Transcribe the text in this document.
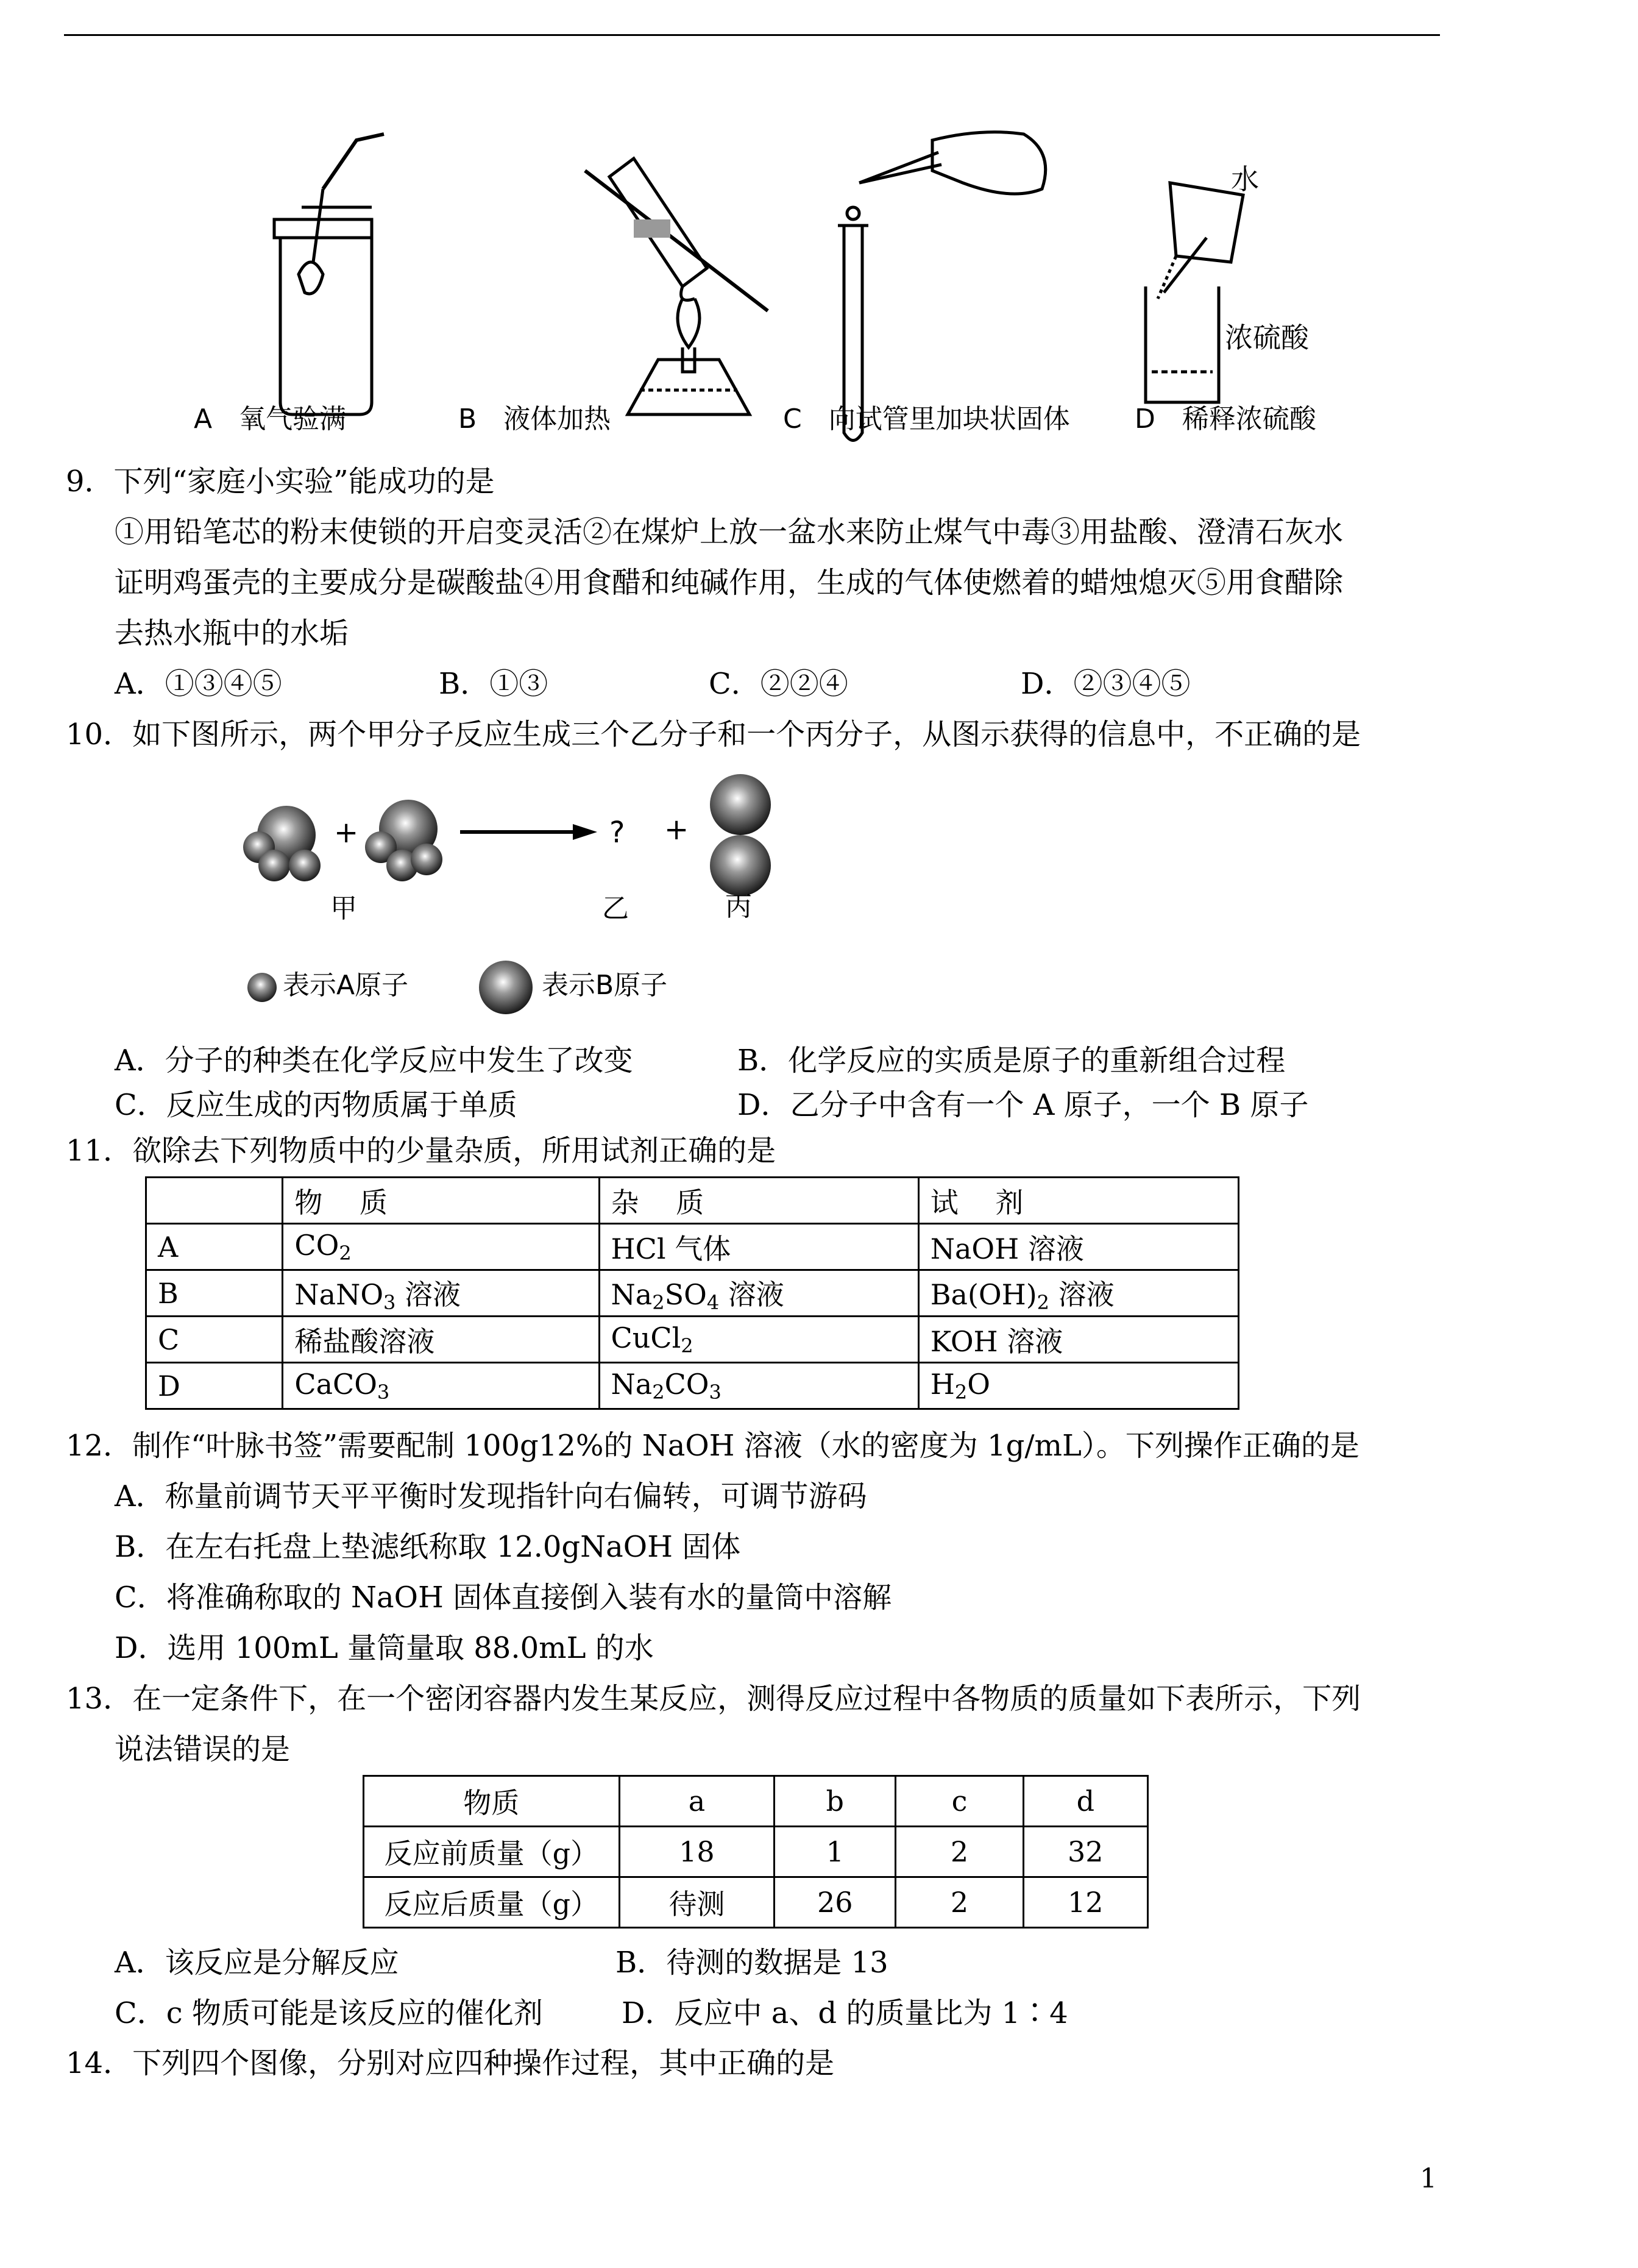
水
浓硫酸
A　 氧气验满	B　 液体加热	C　 向试管里加块状固体 D　 稀释浓硫酸
9．下列“家庭小实验”能成功的是
①用铅笔芯的粉末使锁的开启变灵活②在煤炉上放一盆水来防止煤气中毒③用盐酸、澄清石灰水
证明鸡蛋壳的主要成分是碳酸盐④用食醋和纯碱作用，生成的气体使燃着的蜡烛熄灭⑤用食醋除
去热水瓶中的水垢
A．①③④⑤	B．①③	C．②②④	D．②③④⑤
10．如下图所示，两个甲分子反应生成三个乙分子和一个丙分子，从图示获得的信息中，不正确的是
+	? +
甲	乙	丙
表示A原子	表示B原子
A．分子的种类在化学反应中发生了改变	B．化学反应的实质是原子的重新组合过程
C．反应生成的丙物质属于单质	D．乙分子中含有一个 A 原子，一个 B 原子
11．欲除去下列物质中的少量杂质，所用试剂正确的是
	物　 质	杂　 质	试　 剂
A	$CO_2$	HCl 气体	NaOH 溶液
B	NaNO$_3$ 溶液	$Na_2SO_4$ 溶液	$Ba(OH)_2$ 溶液
C	稀盐酸溶液	CuCl$_2$	KOH 溶液
D	CaCO$_3$	$Na_2CO_3$	$H_2O$
12．制作“叶脉书签”需要配制 100g12%的 NaOH 溶液（水的密度为 1g/mL）。下列操作正确的是
A．称量前调节天平平衡时发现指针向右偏转，可调节游码
B．在左右托盘上垫滤纸称取 12.0gNaOH 固体
C．将准确称取的 NaOH 固体直接倒入装有水的量筒中溶解
D．选用 100mL 量筒量取 88.0mL 的水
13．在一定条件下，在一个密闭容器内发生某反应，测得反应过程中各物质的质量如下表所示，下列
说法错误的是
物质	a	b	c	d
反应前质量（g）	18	1	2	32
反应后质量（g）	待测	26	2	12
A．该反应是分解反应	B．待测的数据是 13
C．c 物质可能是该反应的催化剂	D．反应中 a、d 的质量比为 1∶4
14．下列四个图像，分别对应四种操作过程，其中正确的是
1
